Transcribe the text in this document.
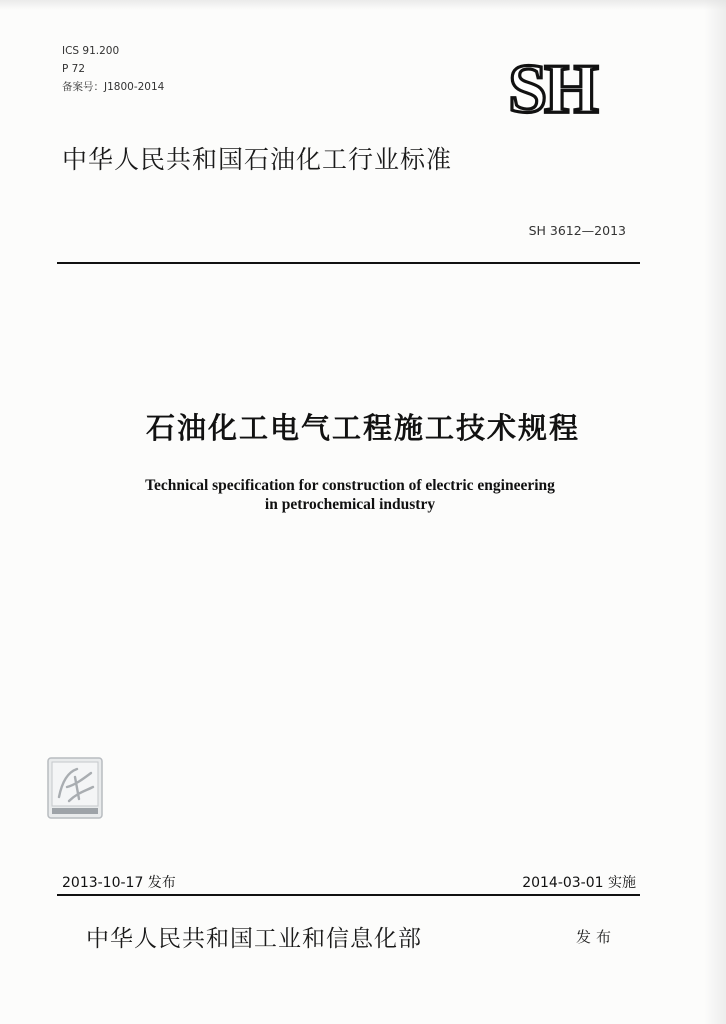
ICS 91.200
P 72
备案号：J1800-2014	SH
中华人民共和国石油化工行业标准
SH 3612—2013
石油化工电气工程施工技术规程
Technical specification for construction of electric engineering
in petrochemical industry
2013-10-17 发布	2014-03-01 实施
中华人民共和国工业和信息化部	发布
